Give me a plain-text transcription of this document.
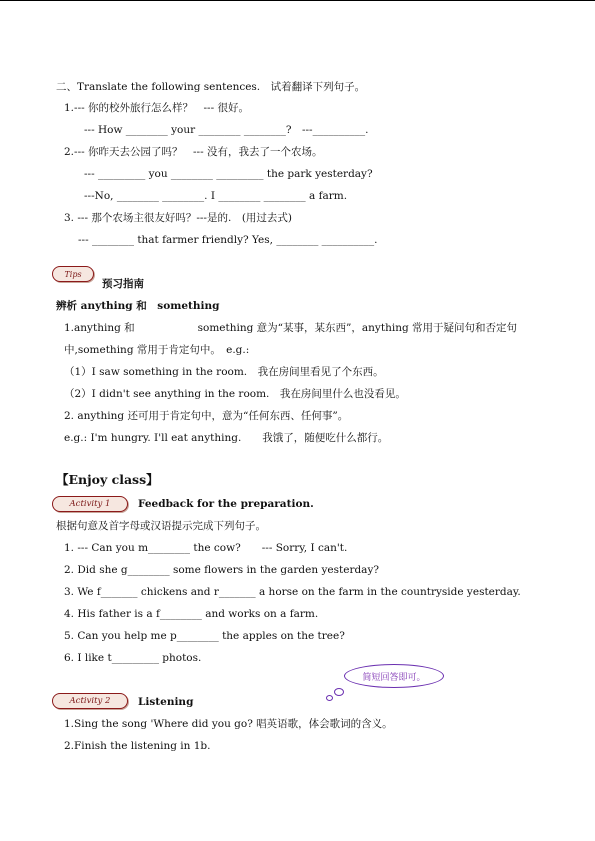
二、Translate the following sentences.　试着翻译下列句子。
1.--- 你的校外旅行怎么样？　--- 很好。
--- How ________ your ________ ________?　---__________.
2.--- 你昨天去公园了吗？　--- 没有，我去了一个农场。
--- _________ you ________ _________ the park yesterday?
---No, ________ ________. I ________ ________ a farm.
3. --- 那个农场主很友好吗？---是的.　(用过去式)
--- ________ that farmer friendly? Yes, ________ __________.
Tips
预习指南
辨析 anything 和　something
1.anything 和　　　　　　something 意为“某事，某东西”，anything 常用于疑问句和否定句
中,something 常用于肯定句中。　e.g.:
（1）I saw something in the room.　我在房间里看见了个东西。
（2）I didn't see anything in the room.　我在房间里什么也没看见。
2. anything 还可用于肯定句中，意为“任何东西、任何事”。
e.g.: I'm hungry. I'll eat anything.　　我饿了，随便吃什么都行。
【Enjoy class】
Activity 1	Feedback for the preparation.
根据句意及首字母或汉语提示完成下列句子。
1. --- Can you m________ the cow?　　--- Sorry, I can't.
2. Did she g________ some flowers in the garden yesterday?
3. We f_______ chickens and r_______ a horse on the farm in the countryside yesterday.
4. His father is a f________ and works on a farm.
5. Can you help me p________ the apples on the tree?
6. I like t_________ photos.
简短回答即可。
Activity 2	Listening
1.Sing the song 'Where did you go? 唱英语歌，体会歌词的含义。
2.Finish the listening in 1b.
